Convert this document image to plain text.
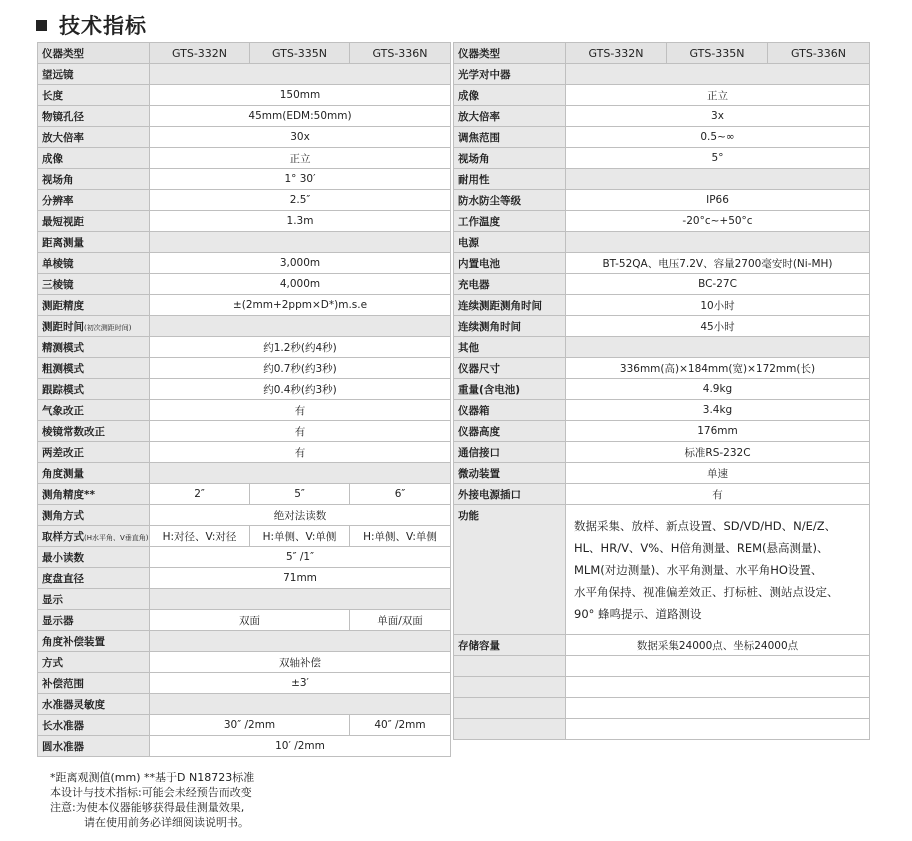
技术指标
仪器类型	GTS-332N	GTS-335N	GTS-336N
望远镜			
长度	150mm		
物镜孔径	45mm(EDM:50mm)		
放大倍率	30x		
成像	正立		
视场角	1° 30′		
分辨率	2.5″		
最短视距	1.3m		
距离测量			
单棱镜	3,000m		
三棱镜	4,000m		
测距精度	±(2mm+2ppm×D*)m.s.e		
测距时间(初次测距时间)			
精测模式	约1.2秒(约4秒)		
粗测模式	约0.7秒(约3秒)		
跟踪模式	约0.4秒(约3秒)		
气象改正	有		
棱镜常数改正	有		
两差改正	有		
角度测量			
测角精度**	2″	5″	6″
测角方式	绝对法读数		
取样方式(H水平角、V垂直角)	H:对径、V:对径	H:单侧、V:单侧	H:单侧、V:单侧
最小读数	5″ /1″		
度盘直径	71mm		
显示			
显示器	双面		单面/双面
角度补偿装置			
方式	双轴补偿		
补偿范围	±3′		
水准器灵敏度			
长水准器	30″ /2mm		40″ /2mm
圆水准器	10′ /2mm		
仪器类型	GTS-332N	GTS-335N	GTS-336N
光学对中器			
成像	正立		
放大倍率	3x		
调焦范围	0.5~∞		
视场角	5°		
耐用性			
防水防尘等级	IP66		
工作温度	-20°c~+50°c		
电源			
内置电池	BT-52QA、电压7.2V、容量2700毫安时(Ni-MH)		
充电器	BC-27C		
连续测距测角时间	10小时		
连续测角时间	45小时		
其他			
仪器尺寸	336mm(高)×184mm(宽)×172mm(长)		
重量(含电池)	4.9kg		
仪器箱	3.4kg		
仪器高度	176mm		
通信接口	标准RS-232C		
微动装置	单速		
外接电源插口	有		
功能	数据采集、放样、新点设置、SD/VD/HD、N/E/Z、
HL、HR/V、V%、H倍角测量、REM(悬高测量)、
MLM(对边测量)、水平角测量、水平角HO设置、
水平角保持、视准偏差效正、打标桩、测站点设定、
90° 蜂鸣提示、道路测设		

存储容量	数据采集24000点、坐标24000点		

*距离观测值(mm) **基于D N18723标准
本设计与技术指标:可能会未经预告而改变
注意:为使本仪器能够获得最佳测量效果,
请在使用前务必详细阅读说明书。
